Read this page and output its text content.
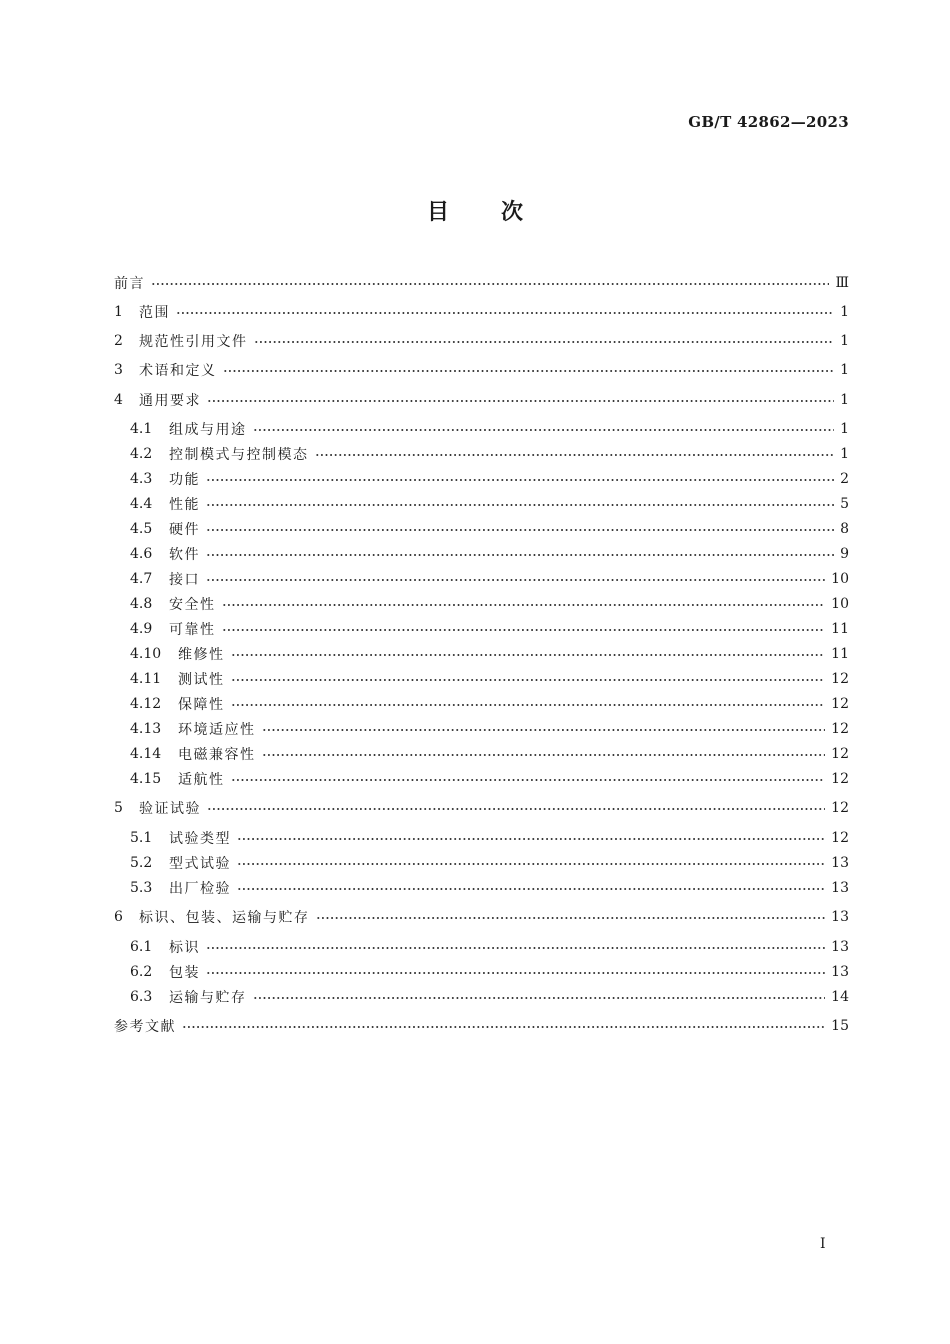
GB/T 42862—2023
目 次
前言	Ⅲ
1	范围	1
2	规范性引用文件	1
3	术语和定义	1
4	通用要求	1
4.1	组成与用途	1
4.2	控制模式与控制模态	1
4.3	功能	2
4.4	性能	5
4.5	硬件	8
4.6	软件	9
4.7	接口	10
4.8	安全性	10
4.9	可靠性	11
4.10	维修性	11
4.11	测试性	12
4.12	保障性	12
4.13	环境适应性	12
4.14	电磁兼容性	12
4.15	适航性	12
5	验证试验	12
5.1	试验类型	12
5.2	型式试验	13
5.3	出厂检验	13
6	标识、包装、运输与贮存	13
6.1	标识	13
6.2	包装	13
6.3	运输与贮存	14
参考文献	15
Ⅰ
